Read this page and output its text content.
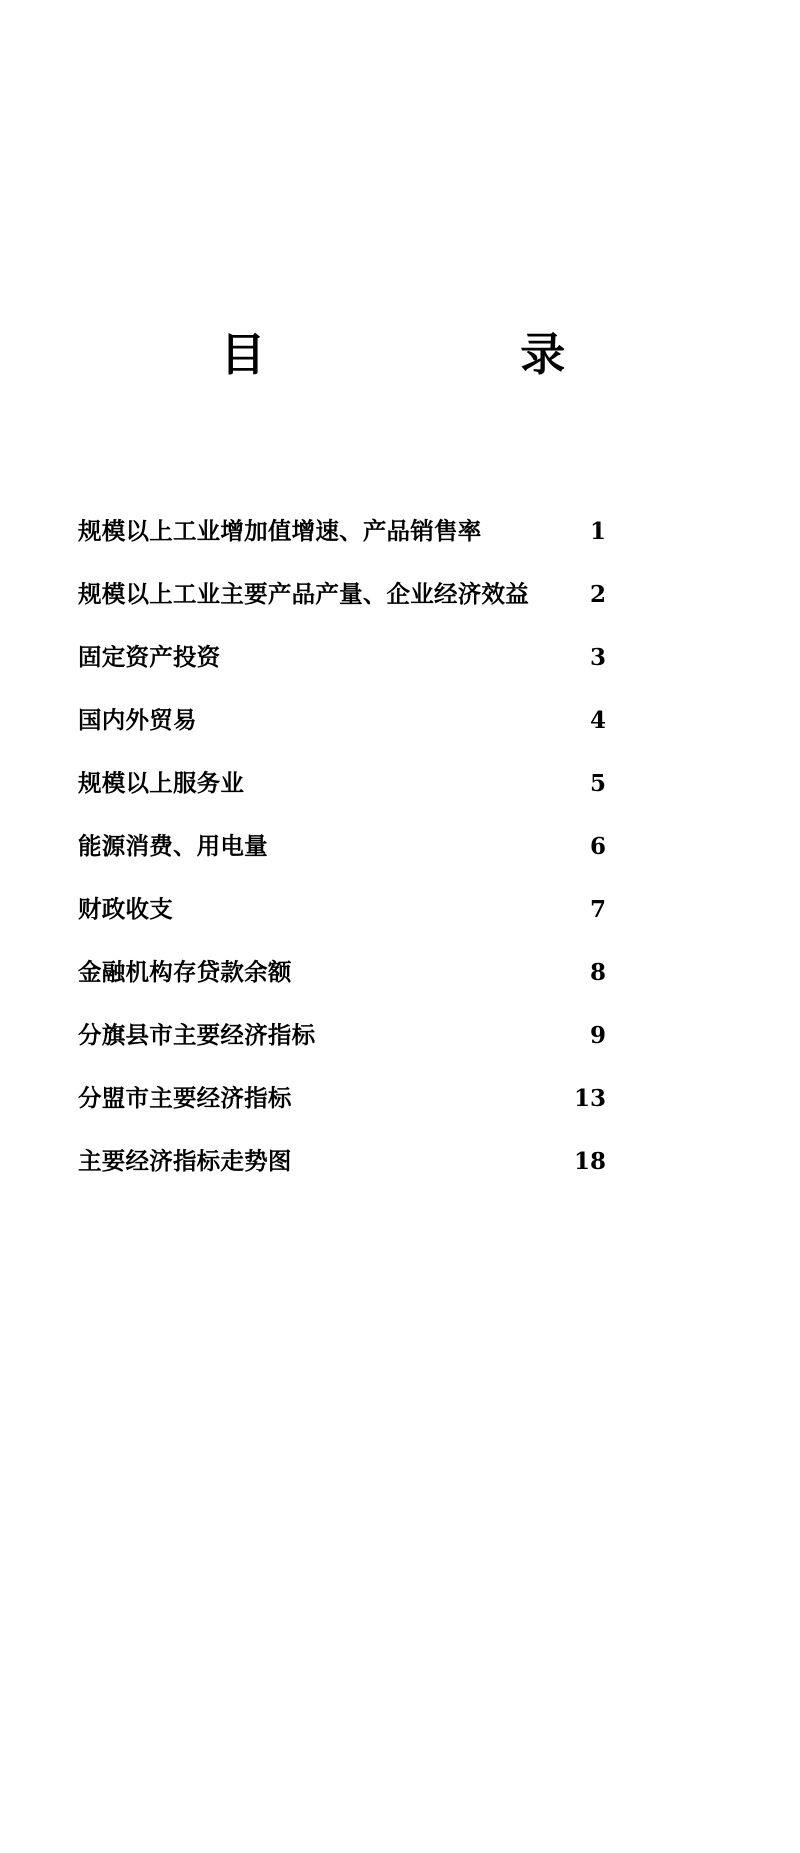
目        录
规模以上工业增加值增速、产品销售率 ·····	1
规模以上工业主要产品产量、企业经济效益 ·····	2
固定资产投资 ·····	3
国内外贸易 ·····	4
规模以上服务业 ·····	5
能源消费、用电量 ·····	6
财政收支 ·····	7
金融机构存贷款余额 ·····	8
分旗县市主要经济指标 ·····	9
分盟市主要经济指标 ·····	13
主要经济指标走势图 ·····	18
